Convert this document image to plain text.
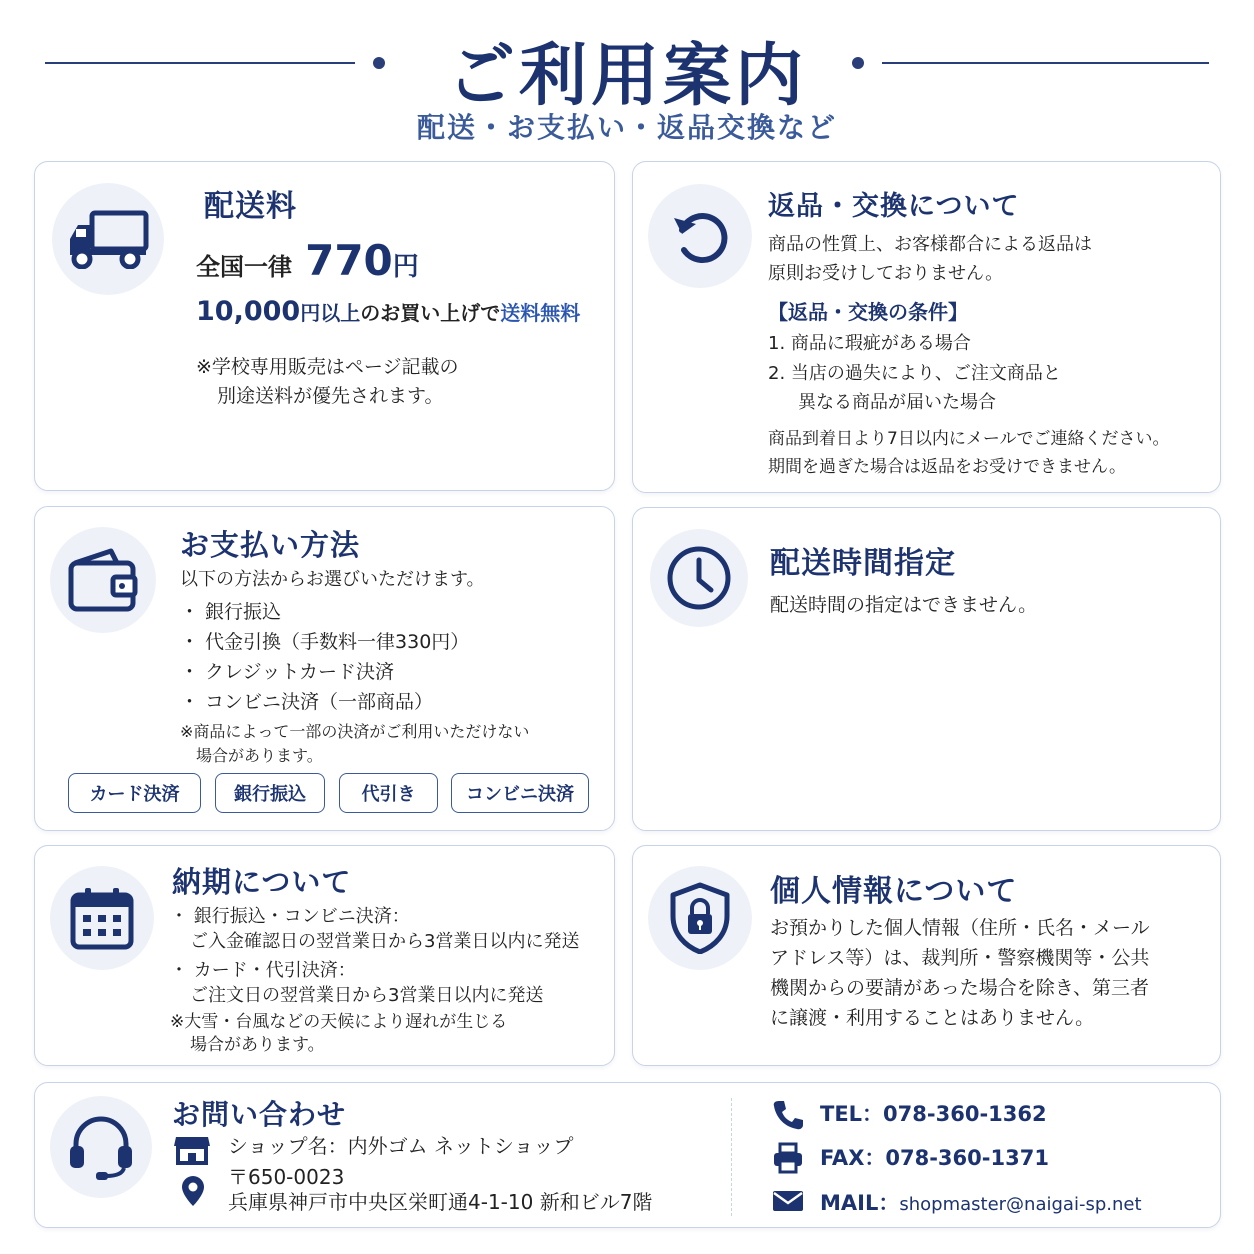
ご利用案内
配送・お支払い・返品交換など
配送料
全国一律 770円
10,000円以上のお買い上げで送料無料
※学校専用販売はページ記載の
別途送料が優先されます。
返品・交換について
商品の性質上、お客様都合による返品は
原則お受けしておりません。
【返品・交換の条件】
1. 商品に瑕疵がある場合
2. 当店の過失により、ご注文商品と
異なる商品が届いた場合
商品到着日より7日以内にメールでご連絡ください。
期間を過ぎた場合は返品をお受けできません。
お支払い方法
以下の方法からお選びいただけます。
・ 銀行振込
・ 代金引換（手数料一律330円）
・ クレジットカード決済
・ コンビニ決済（一部商品）
※商品によって一部の決済がご利用いただけない
場合があります。
カード決済	銀行振込	代引き	コンビニ決済
配送時間指定
配送時間の指定はできません。
納期について
・ 銀行振込・コンビニ決済：
ご入金確認日の翌営業日から3営業日以内に発送
・ カード・代引決済：
ご注文日の翌営業日から3営業日以内に発送
※大雪・台風などの天候により遅れが生じる
場合があります。
個人情報について
お預かりした個人情報（住所・氏名・メール
アドレス等）は、裁判所・警察機関等・公共
機関からの要請があった場合を除き、第三者
に譲渡・利用することはありません。
お問い合わせ
ショップ名：内外ゴム ネットショップ
〒650-0023
兵庫県神戸市中央区栄町通4-1-10 新和ビル7階
TEL：078-360-1362
FAX：078-360-1371
MAIL：shopmaster@naigai-sp.net
